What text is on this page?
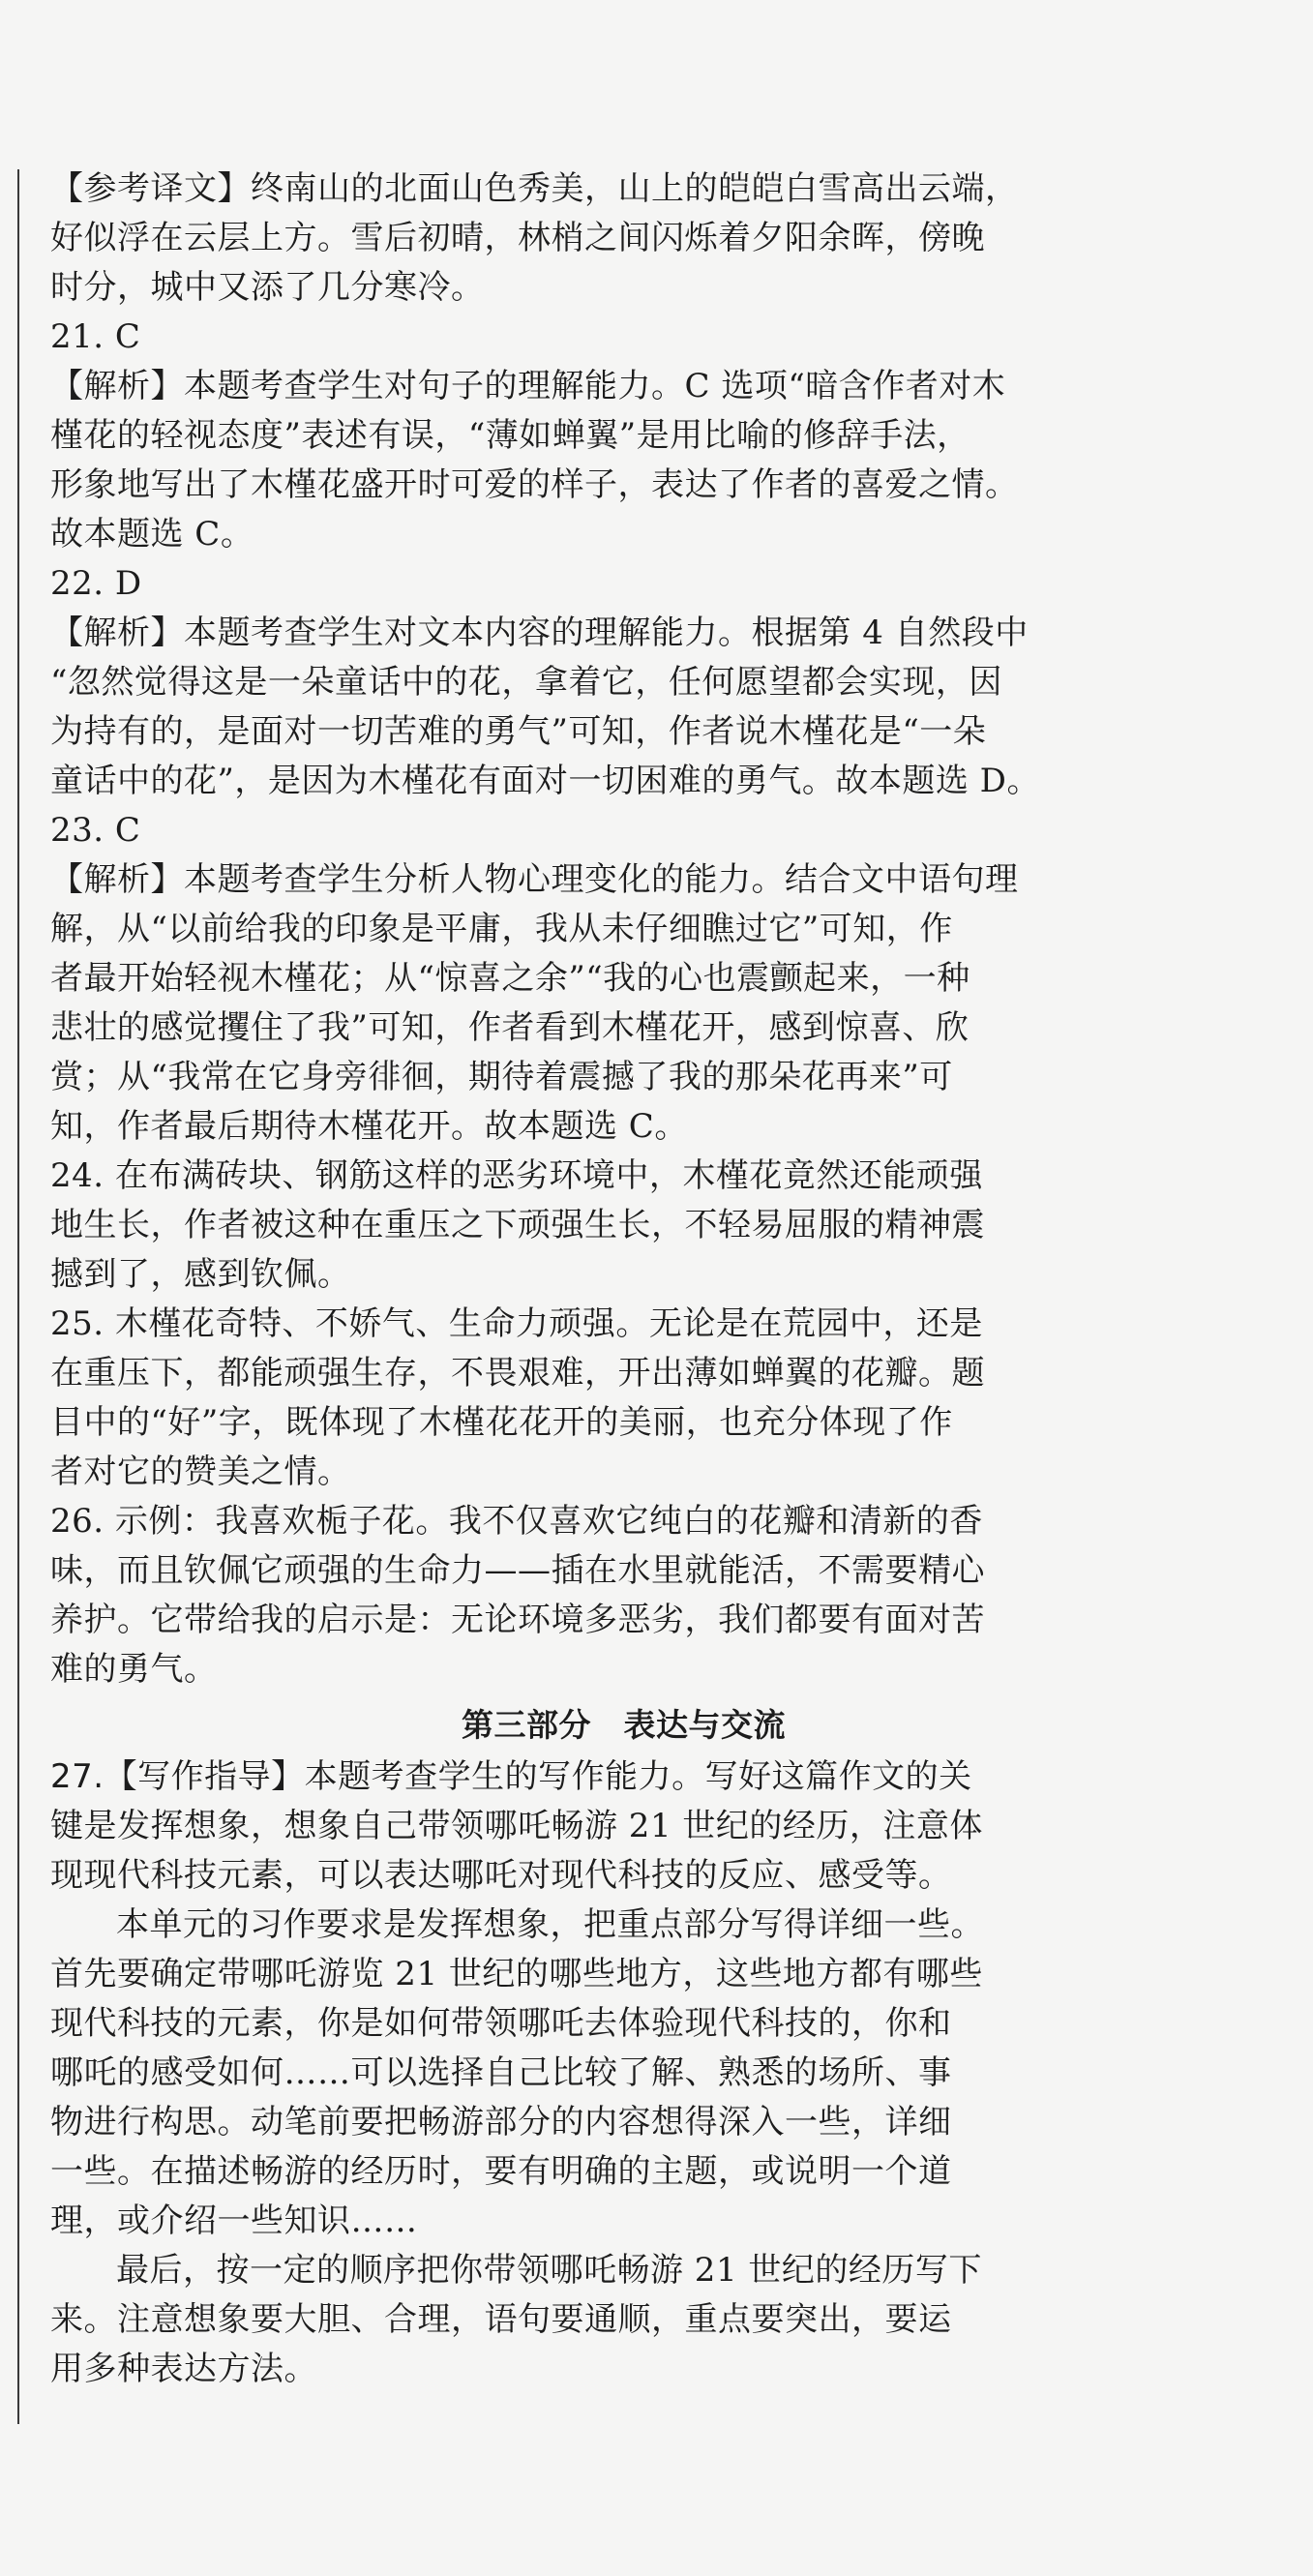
【参考译文】终南山的北面山色秀美，山上的皑皑白雪高出云端，
好似浮在云层上方。雪后初晴，林梢之间闪烁着夕阳余晖，傍晚
时分，城中又添了几分寒冷。
21. C
【解析】本题考查学生对句子的理解能力。C 选项“暗含作者对木
槿花的轻视态度”表述有误，“薄如蝉翼”是用比喻的修辞手法，
形象地写出了木槿花盛开时可爱的样子，表达了作者的喜爱之情。
故本题选 C。
22. D
【解析】本题考查学生对文本内容的理解能力。根据第 4 自然段中
“忽然觉得这是一朵童话中的花，拿着它，任何愿望都会实现，因
为持有的，是面对一切苦难的勇气”可知，作者说木槿花是“一朵
童话中的花”，是因为木槿花有面对一切困难的勇气。故本题选 D。
23. C
【解析】本题考查学生分析人物心理变化的能力。结合文中语句理
解，从“以前给我的印象是平庸，我从未仔细瞧过它”可知，作
者最开始轻视木槿花；从“惊喜之余”“我的心也震颤起来，一种
悲壮的感觉攫住了我”可知，作者看到木槿花开，感到惊喜、欣
赏；从“我常在它身旁徘徊，期待着震撼了我的那朵花再来”可
知，作者最后期待木槿花开。故本题选 C。
24. 在布满砖块、钢筋这样的恶劣环境中，木槿花竟然还能顽强
地生长，作者被这种在重压之下顽强生长，不轻易屈服的精神震
撼到了，感到钦佩。
25. 木槿花奇特、不娇气、生命力顽强。无论是在荒园中，还是
在重压下，都能顽强生存，不畏艰难，开出薄如蝉翼的花瓣。题
目中的“好”字，既体现了木槿花花开的美丽，也充分体现了作
者对它的赞美之情。
26. 示例：我喜欢栀子花。我不仅喜欢它纯白的花瓣和清新的香
味，而且钦佩它顽强的生命力——插在水里就能活，不需要精心
养护。它带给我的启示是：无论环境多恶劣，我们都要有面对苦
难的勇气。
第三部分　表达与交流
27.【写作指导】本题考查学生的写作能力。写好这篇作文的关
键是发挥想象，想象自己带领哪吒畅游 21 世纪的经历，注意体
现现代科技元素，可以表达哪吒对现代科技的反应、感受等。
本单元的习作要求是发挥想象，把重点部分写得详细一些。
首先要确定带哪吒游览 21 世纪的哪些地方，这些地方都有哪些
现代科技的元素，你是如何带领哪吒去体验现代科技的，你和
哪吒的感受如何……可以选择自己比较了解、熟悉的场所、事
物进行构思。动笔前要把畅游部分的内容想得深入一些，详细
一些。在描述畅游的经历时，要有明确的主题，或说明一个道
理，或介绍一些知识……
最后，按一定的顺序把你带领哪吒畅游 21 世纪的经历写下
来。注意想象要大胆、合理，语句要通顺，重点要突出，要运
用多种表达方法。
